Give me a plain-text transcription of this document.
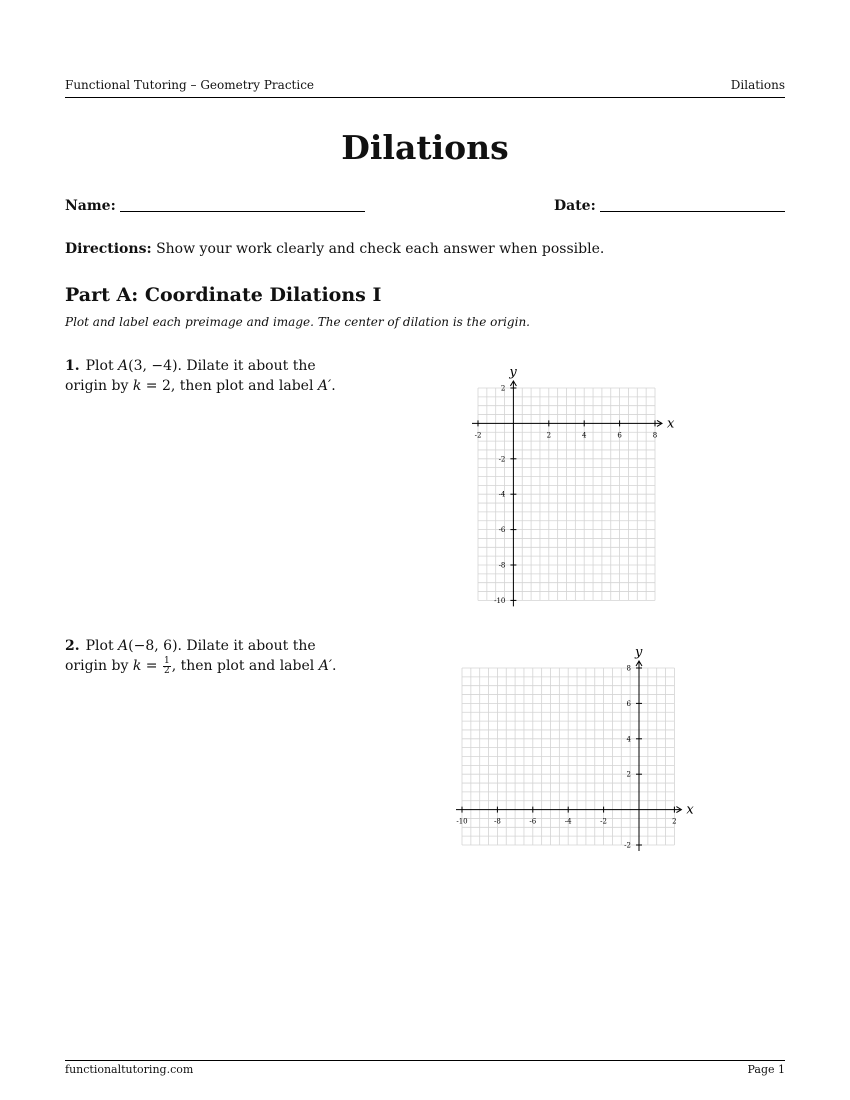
Functional Tutoring – Geometry Practice	Dilations
Dilations
Name:	Date:
Directions: Show your work clearly and check each answer when possible.
Part A: Coordinate Dilations I
Plot and label each preimage and image. The center of dilation is the origin.
1. Plot A(3, −4). Dilate it about the
origin by k = 2, then plot and label A′.
x
y
-2	2	4	6	8
2
-2
-4
-6
-8
-10
2. Plot A(−8, 6). Dilate it about the
origin by $k = \frac{1}{2}$ , then plot and label A′.
x
y
-10	-8	-6	-4	-2	2
8
6
4
2
-2
functionaltutoring.com	Page 1
